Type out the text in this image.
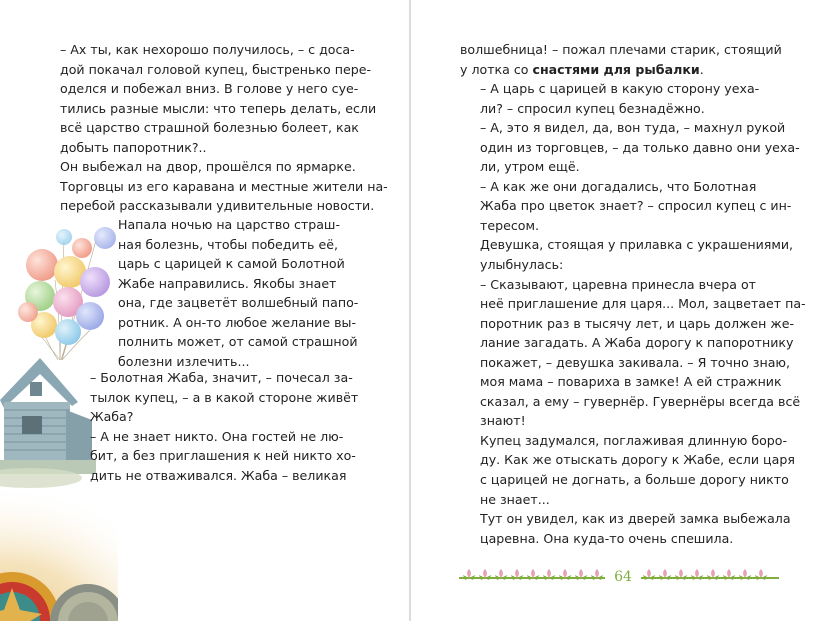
– Ах ты, как нехорошо получилось, – с доса-
дой покачал головой купец, быстренько пере-
оделся и побежал вниз. В голове у него суе-
тились разные мысли: что теперь делать, если
всё царство страшной болезнью болеет, как
добыть папоротник?..

Он выбежал на двор, прошёлся по ярмарке.
Торговцы из его каравана и местные жители на-
перебой рассказывали удивительные новости.

Напала ночью на царство страш-
ная болезнь, чтобы победить её,
царь с царицей к самой Болотной
Жабе направились. Якобы знает
она, где зацветёт волшебный папо-
ротник. А он-то любое желание вы-
полнить может, от самой страшной
болезни излечить...
– Болотная Жаба, значит, – почесал за-
тылок купец, – а в какой стороне живёт
Жаба?
– А не знает никто. Она гостей не лю-
бит, а без приглашения к ней никто хо-
дить не отваживался. Жаба – великая

волшебница! – пожал плечами старик, стоящий
у лотка со снастями для рыбалки.

– А царь с царицей в какую сторону уеха-
ли? – спросил купец безнадёжно.

– А, это я видел, да, вон туда, – махнул рукой
один из торговцев, – да только давно они уеха-
ли, утром ещё.

– А как же они догадались, что Болотная
Жаба про цветок знает? – спросил купец с ин-
тересом.

Девушка, стоящая у прилавка с украшениями,
улыбнулась:

– Сказывают, царевна принесла вчера от
неё приглашение для царя... Мол, зацветает па-
поротник раз в тысячу лет, и царь должен же-
лание загадать. А Жаба дорогу к папоротнику
покажет, – девушка закивала. – Я точно знаю,
моя мама – повариха в замке! А ей стражник
сказал, а ему – гувернёр. Гувернёры всегда всё
знают!

Купец задумался, поглаживая длинную боро-
ду. Как же отыскать дорогу к Жабе, если царя
с царицей не догнать, а больше дорогу никто
не знает...

Тут он увидел, как из дверей замка выбежала
царевна. Она куда-то очень спешила.

64
